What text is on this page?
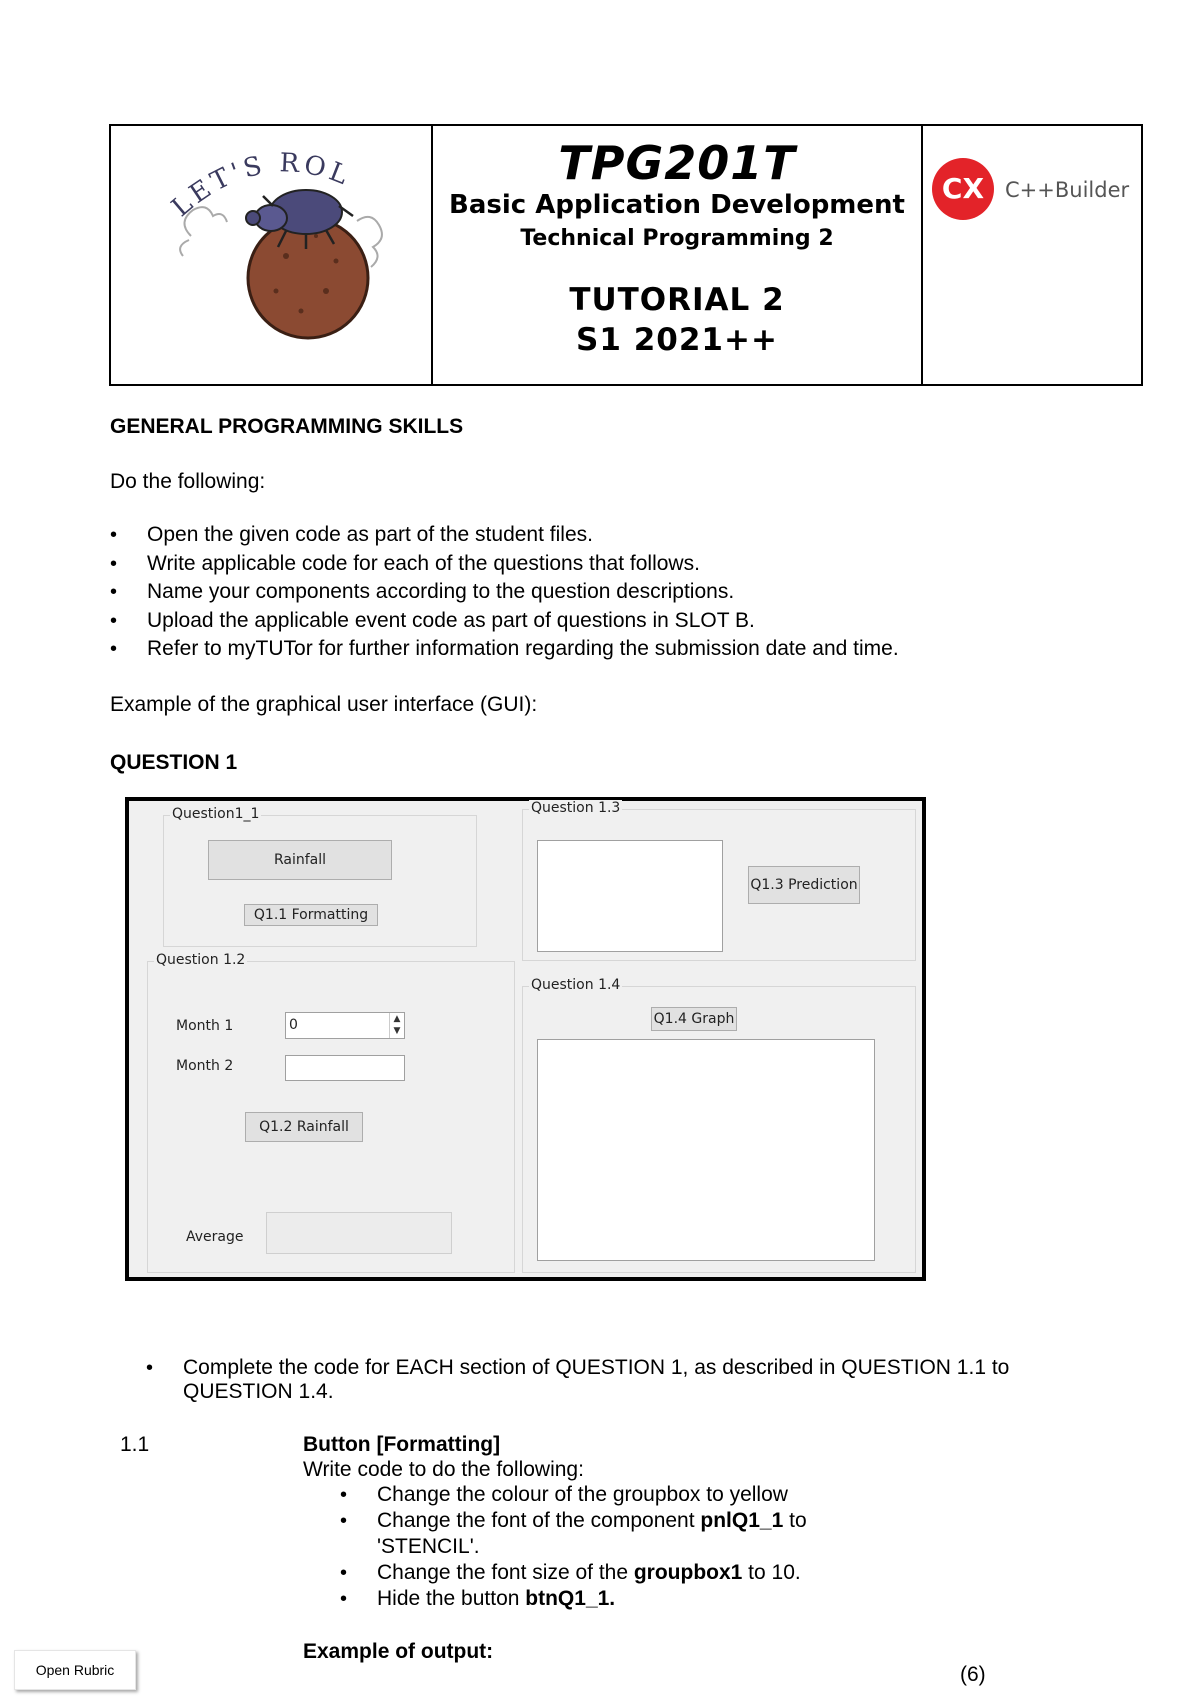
LET'S ROL	TPG201T
Basic Application Development
Technical Programming 2
TUTORIAL 2
S1 2021++
CX C++Builder
GENERAL PROGRAMMING SKILLS
Do the following:
• Open the given code as part of the student files.
• Write applicable code for each of the questions that follows.
• Name your components according to the question descriptions.
• Upload the applicable event code as part of questions in SLOT B.
• Refer to myTUTor for further information regarding the submission date and time.
Example of the graphical user interface (GUI):
QUESTION 1
Question1_1
Rainfall
Q1.1 Formatting
Question 1.2
Month 1	0	▲
▼
Month 2
Q1.2 Rainfall
Average
Question 1.3
Q1.3 Prediction
Question 1.4
Q1.4 Graph
• Complete the code for EACH section of QUESTION 1, as described in QUESTION 1.1 to QUESTION 1.4.
1.1	Button [Formatting]
Write code to do the following:
• Change the colour of the groupbox to yellow
• Change the font of the component pnlQ1_1 to
'STENCIL'.
• Change the font size of the groupbox1 to 10.
• Hide the button btnQ1_1.
Example of output:
(6)
Open Rubric
